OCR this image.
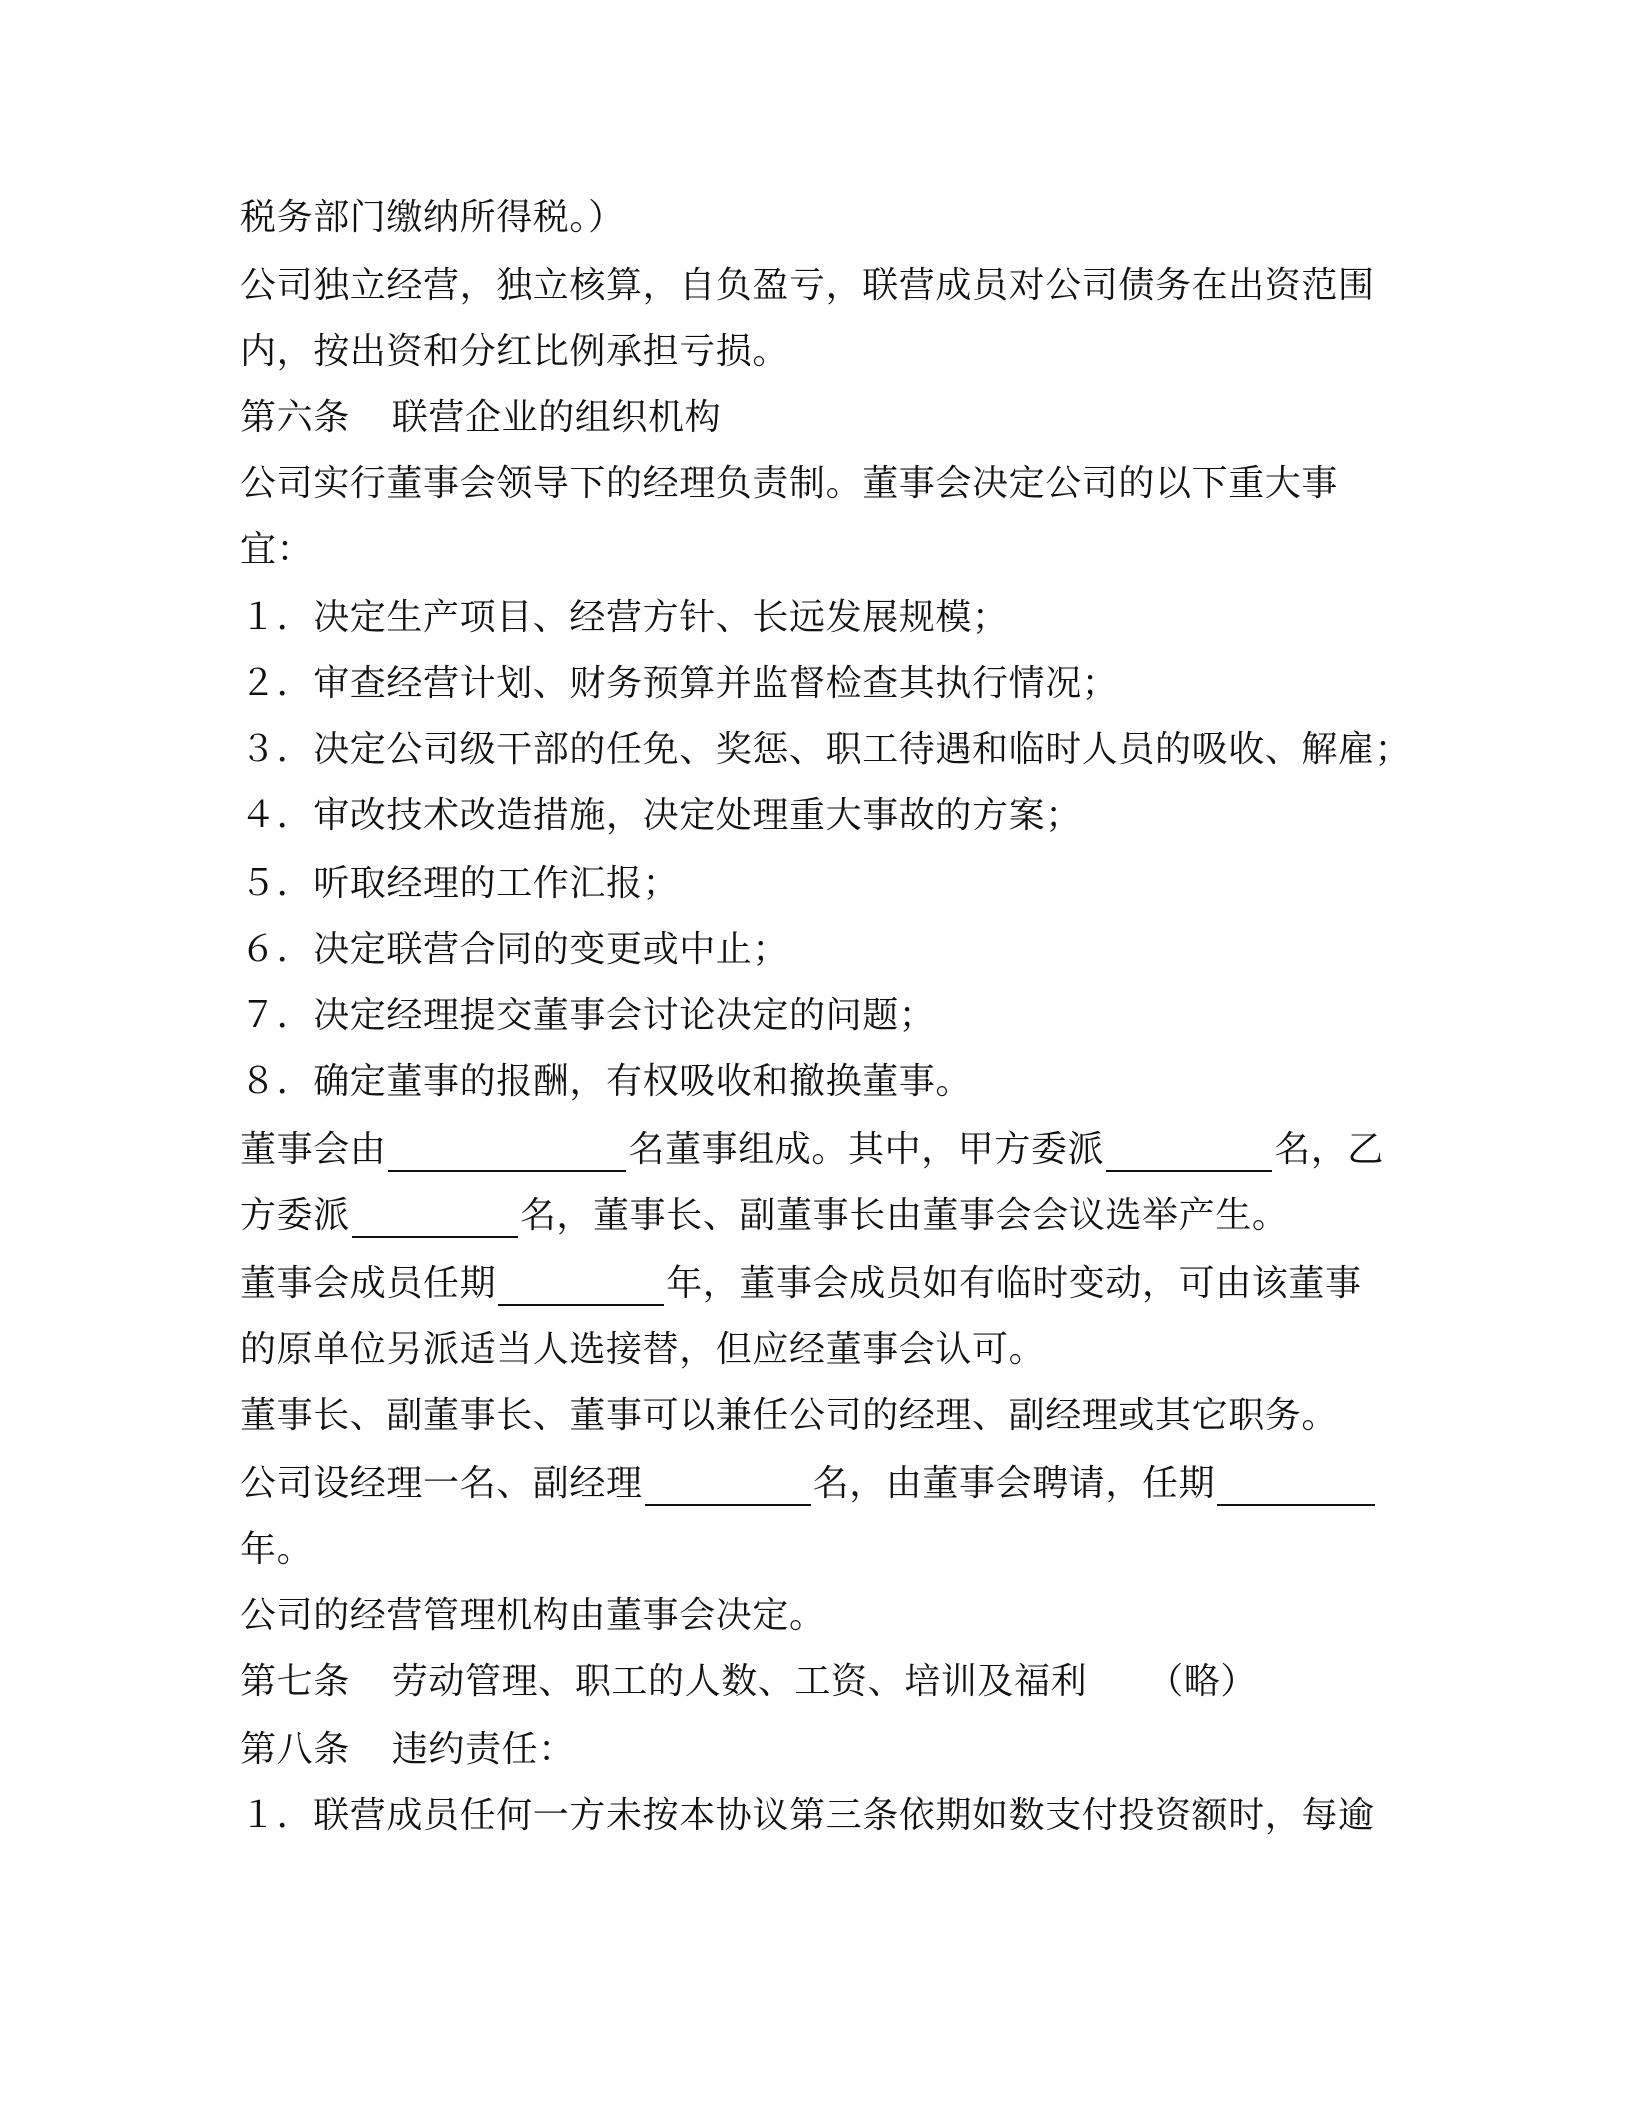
税务部门缴纳所得税。）
公司独立经营，独立核算，自负盈亏，联营成员对公司债务在出资范围
内，按出资和分红比例承担亏损。
第六条 联营企业的组织机构
公司实行董事会领导下的经理负责制。董事会决定公司的以下重大事
宜：
１．决定生产项目、经营方针、长远发展规模；
２．审查经营计划、财务预算并监督检查其执行情况；
３．决定公司级干部的任免、奖惩、职工待遇和临时人员的吸收、解雇；
４．审改技术改造措施，决定处理重大事故的方案；
５．听取经理的工作汇报；
６．决定联营合同的变更或中止；
７．决定经理提交董事会讨论决定的问题；
８．确定董事的报酬，有权吸收和撤换董事。
董事会由	名董事组成。其中，甲方委派	名，乙
方委派	名，董事长、副董事长由董事会会议选举产生。
董事会成员任期	年，董事会成员如有临时变动，可由该董事
的原单位另派适当人选接替，但应经董事会认可。
董事长、副董事长、董事可以兼任公司的经理、副经理或其它职务。
公司设经理一名、副经理	名，由董事会聘请，任期
年。
公司的经营管理机构由董事会决定。
第七条 劳动管理、职工的人数、工资、培训及福利 （略）
第八条 违约责任：
１．联营成员任何一方未按本协议第三条依期如数支付投资额时，每逾
